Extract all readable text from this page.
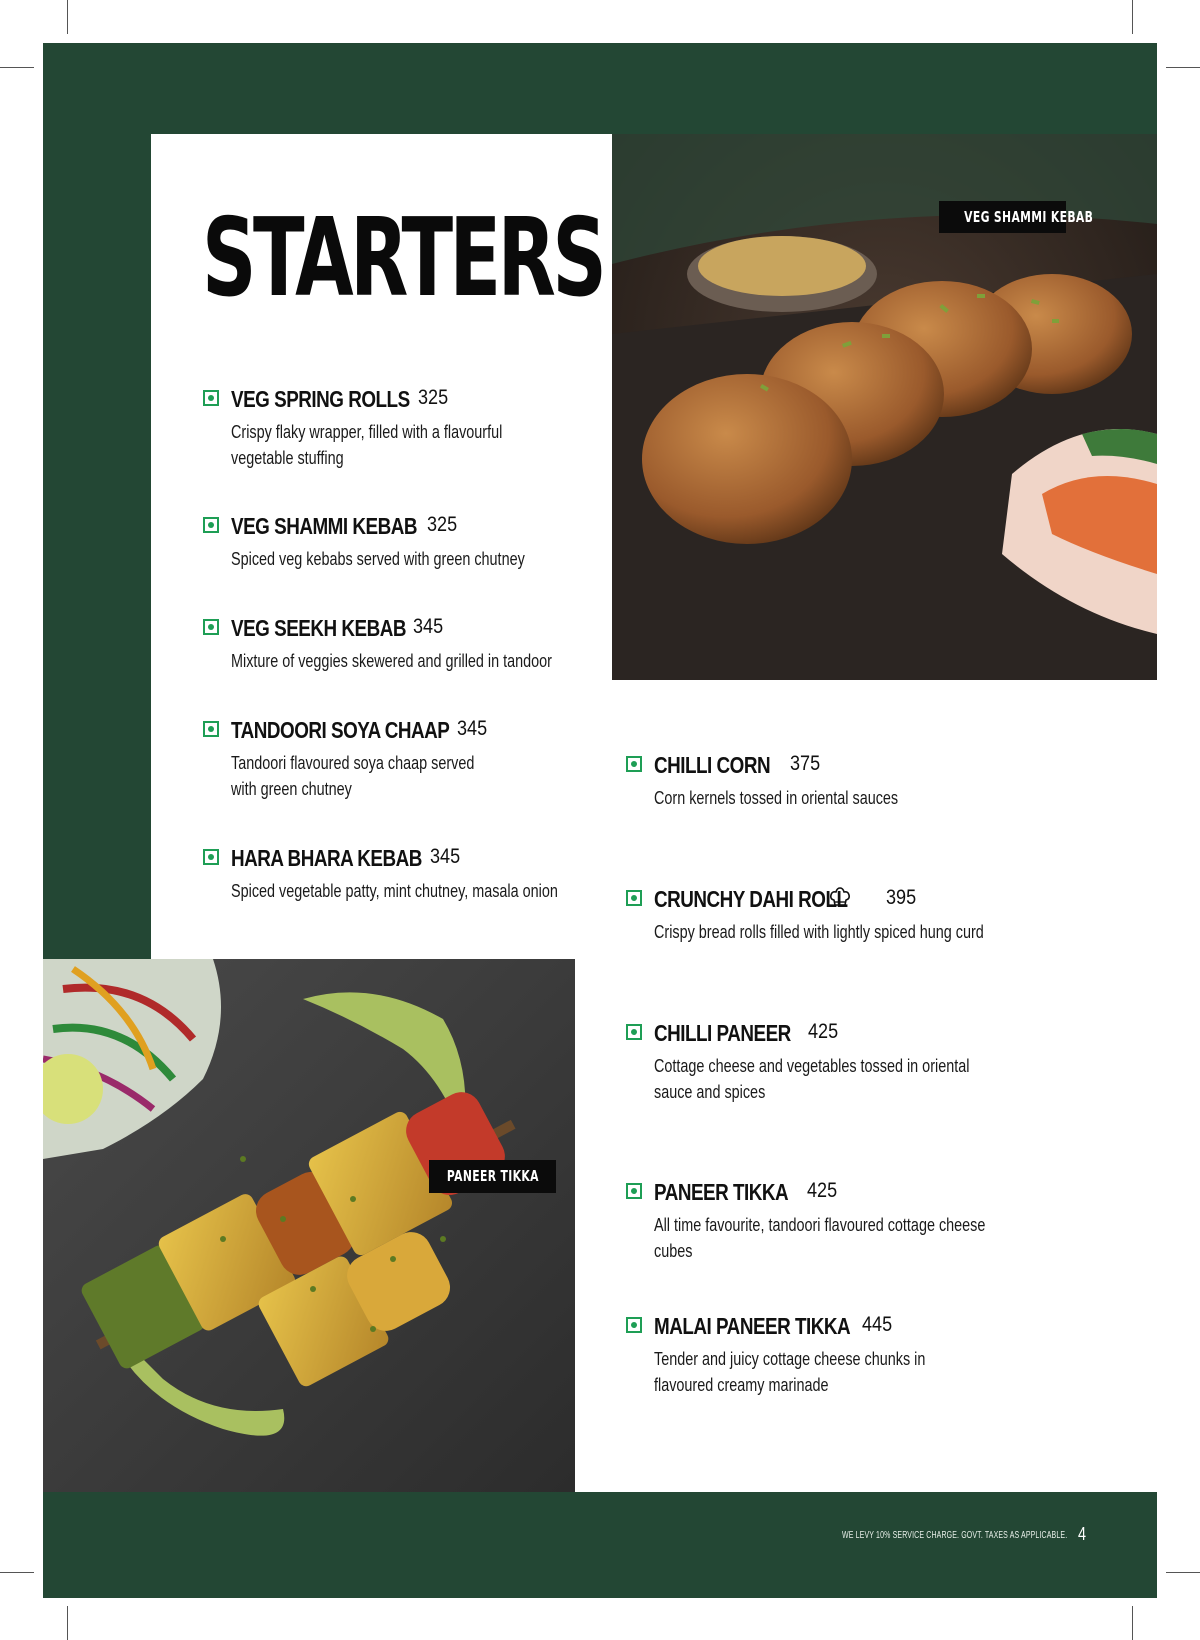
VEG SHAMMI KEBAB
PANEER TIKKA
STARTERS
VEG SPRING ROLLS 325
Crispy flaky wrapper, filled with a flavourful vegetable stuffing
VEG SHAMMI KEBAB 325
Spiced veg kebabs served with green chutney
VEG SEEKH KEBAB 345
Mixture of veggies skewered and grilled in tandoor
TANDOORI SOYA CHAAP 345
Tandoori flavoured soya chaap served with green chutney
HARA BHARA KEBAB 345
Spiced vegetable patty, mint chutney, masala onion
CHILLI CORN 375
Corn kernels tossed in oriental sauces
CRUNCHY DAHI ROLL 395
Crispy bread rolls filled with lightly spiced hung curd
CHILLI PANEER 425
Cottage cheese and vegetables tossed in oriental sauce and spices
PANEER TIKKA 425
All time favourite, tandoori flavoured cottage cheese cubes
MALAI PANEER TIKKA 445
Tender and juicy cottage cheese chunks in flavoured creamy marinade
WE LEVY 10% SERVICE CHARGE. GOVT. TAXES AS APPLICABLE. 4
